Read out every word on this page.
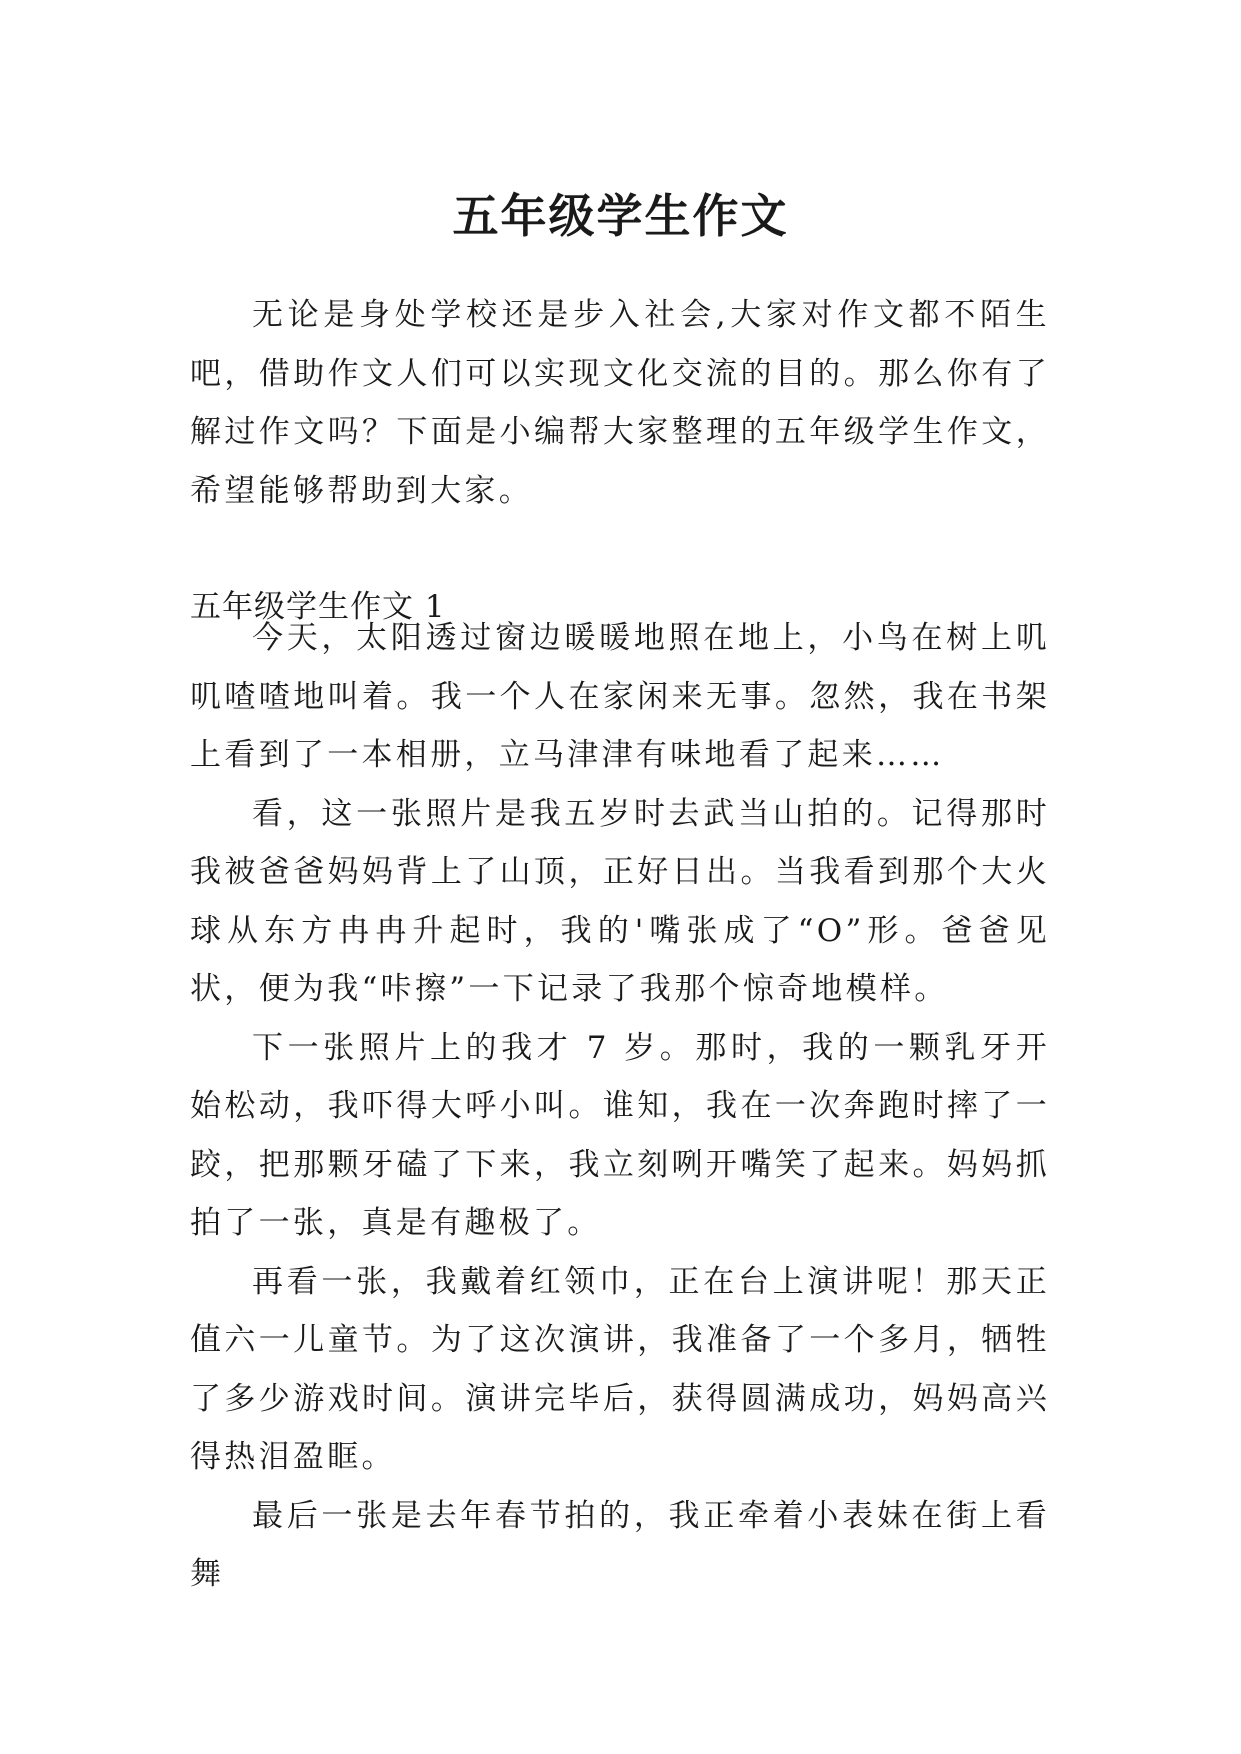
五年级学生作文

无论是身处学校还是步入社会,大家对作文都不陌生吧，借助作文人们可以实现文化交流的目的。那么你有了解过作文吗？下面是小编帮大家整理的五年级学生作文，希望能够帮助到大家。

五年级学生作文 1

今天，太阳透过窗边暖暖地照在地上，小鸟在树上叽叽喳喳地叫着。我一个人在家闲来无事。忽然，我在书架上看到了一本相册，立马津津有味地看了起来……

看，这一张照片是我五岁时去武当山拍的。记得那时我被爸爸妈妈背上了山顶，正好日出。当我看到那个大火球从东方冉冉升起时，我的'嘴张成了“O”形。爸爸见状，便为我“咔擦”一下记录了我那个惊奇地模样。

下一张照片上的我才 7 岁。那时，我的一颗乳牙开始松动，我吓得大呼小叫。谁知，我在一次奔跑时摔了一跤，把那颗牙磕了下来，我立刻咧开嘴笑了起来。妈妈抓拍了一张，真是有趣极了。

再看一张，我戴着红领巾，正在台上演讲呢！那天正值六一儿童节。为了这次演讲，我准备了一个多月，牺牲了多少游戏时间。演讲完毕后，获得圆满成功，妈妈高兴得热泪盈眶。

最后一张是去年春节拍的，我正牵着小表妹在街上看舞
